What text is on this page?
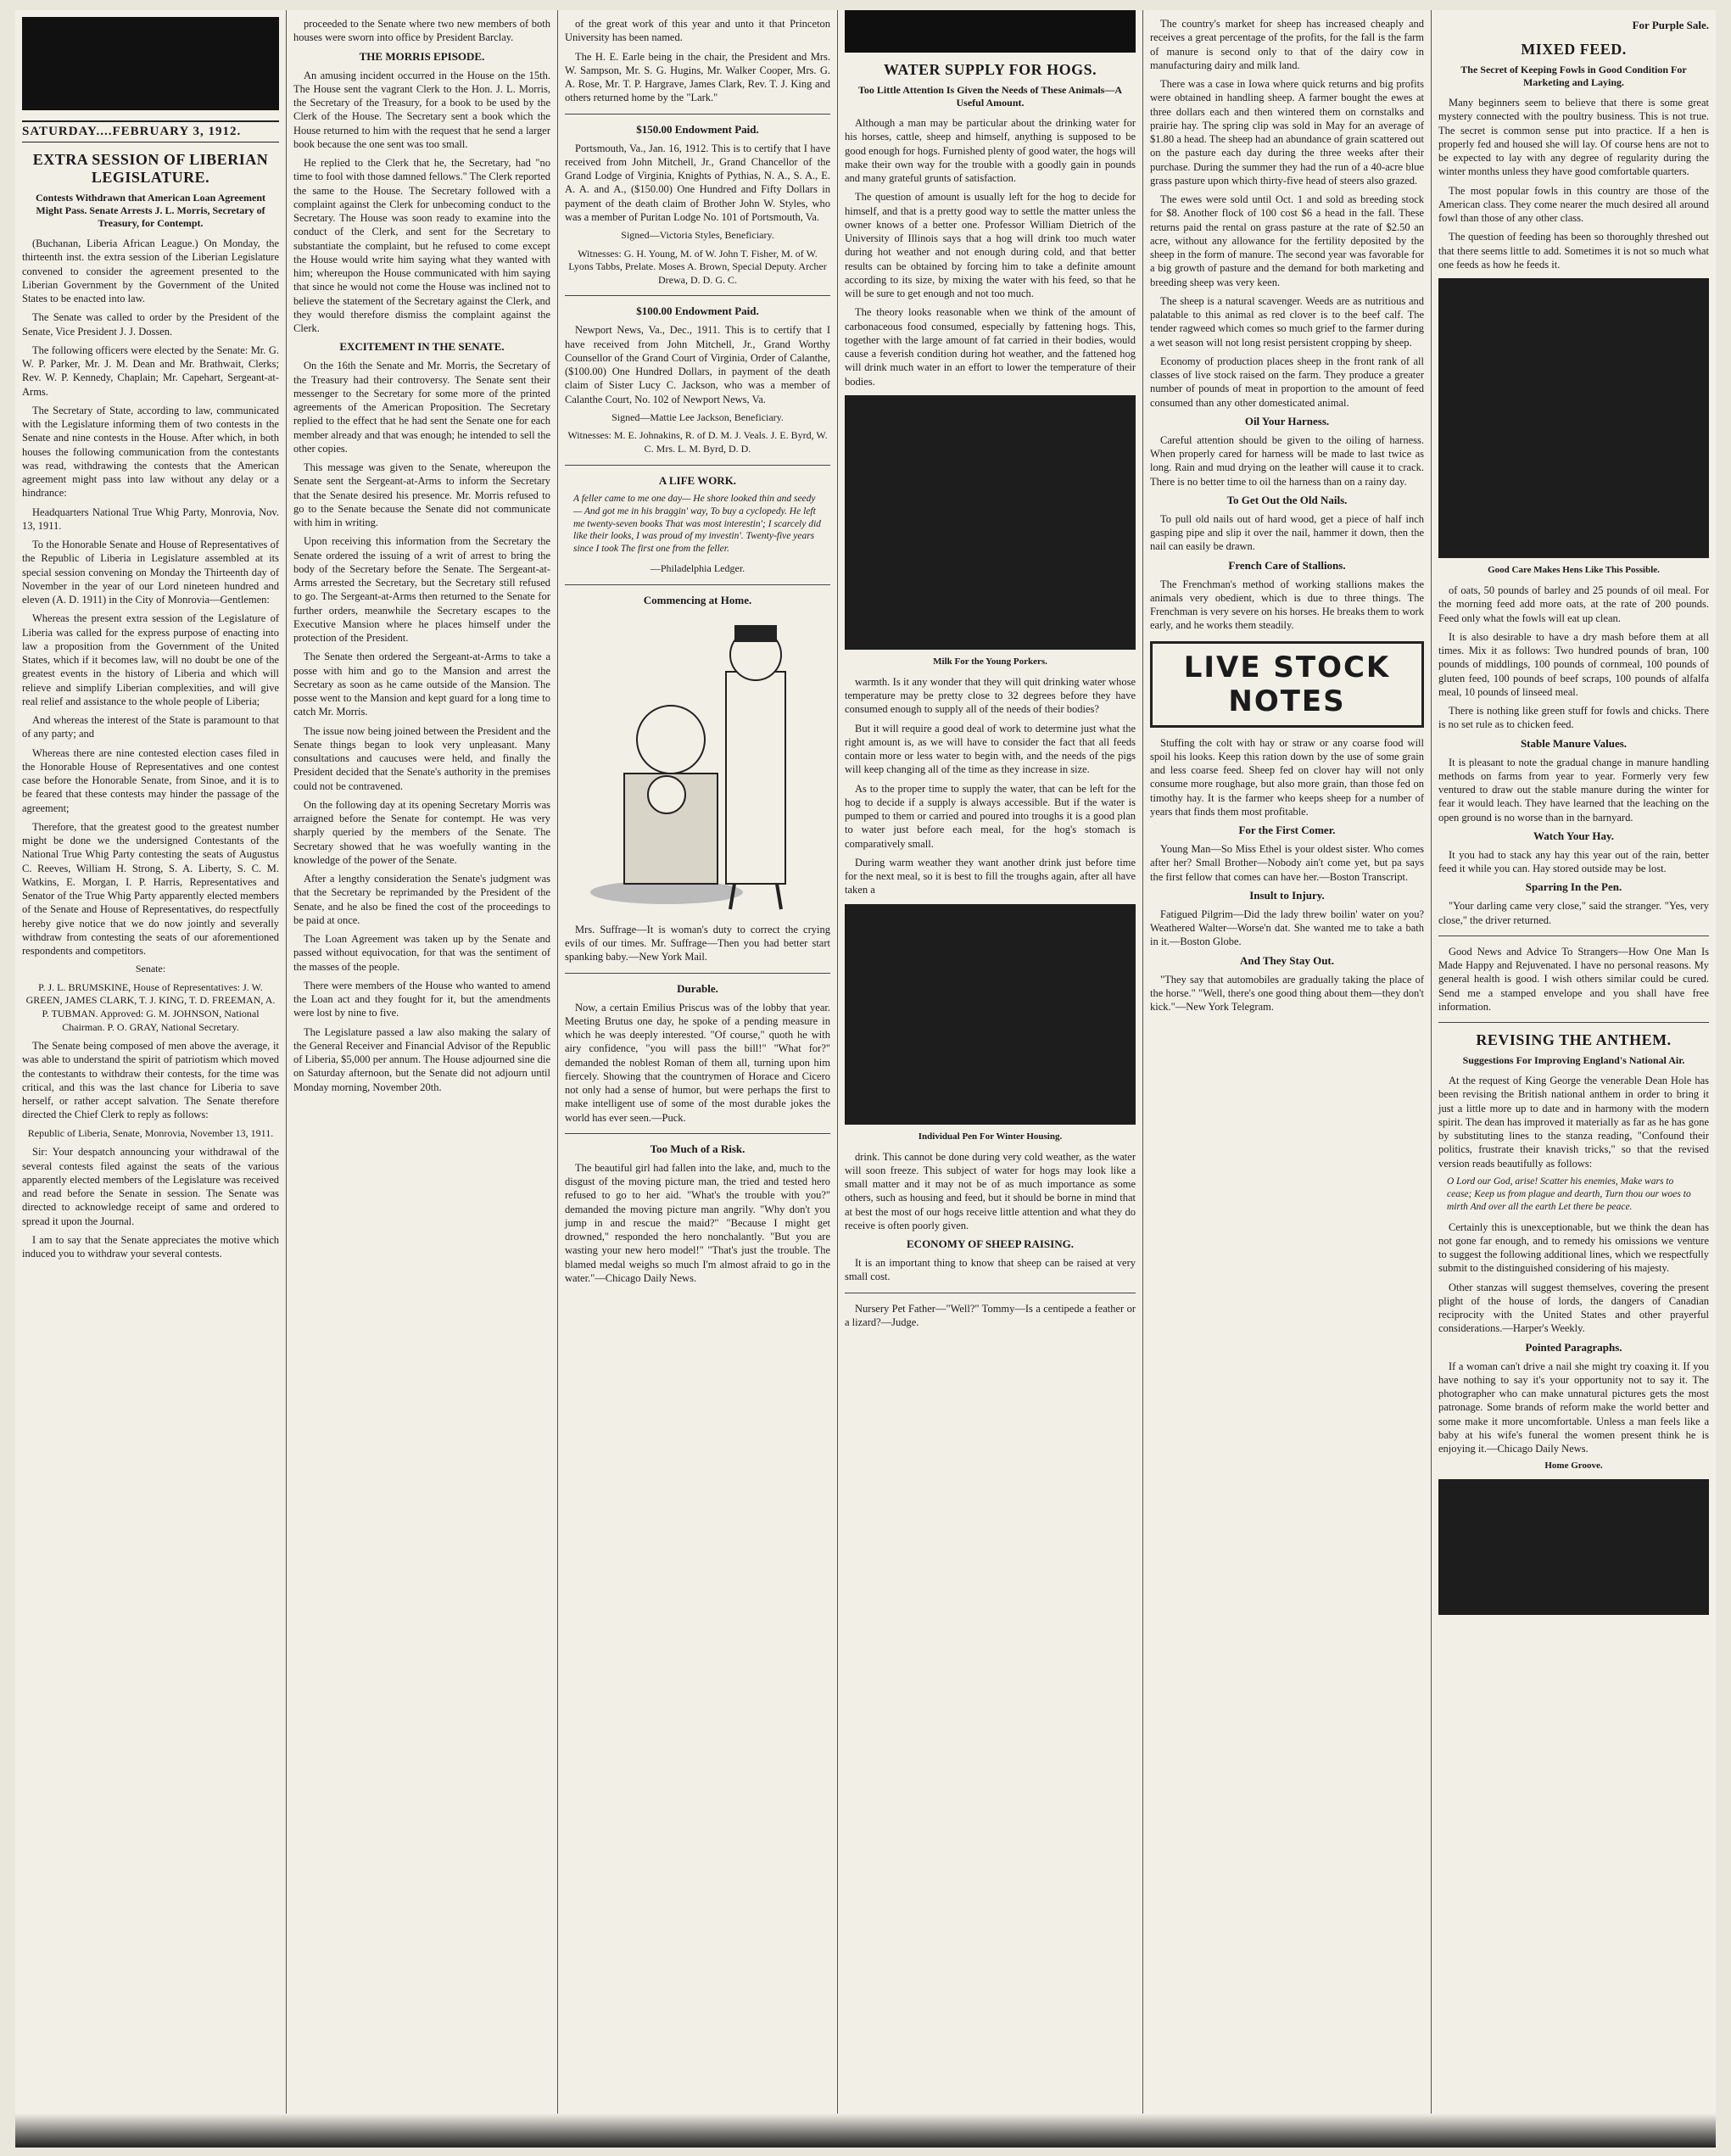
SATURDAY....FEBRUARY 3, 1912.
EXTRA SESSION OF LIBERIAN LEGISLATURE.
Contests Withdrawn that American Loan Agreement Might Pass. Senate Arrests J. L. Morris, Secretary of Treasury, for Contempt.

(Buchanan, Liberia African League.) On Monday, the thirteenth inst. the extra session of the Liberian Legislature convened to consider the agreement presented to the Liberian Government by the Government of the United States to be enacted into law.

The Senate was called to order by the President of the Senate, Vice President J. J. Dossen.

The following officers were elected by the Senate: Mr. G. W. P. Parker, Mr. J. M. Dean and Mr. Brathwait, Clerks; Rev. W. P. Kennedy, Chaplain; Mr. Capehart, Sergeant-at-Arms.

The Secretary of State, according to law, communicated with the Legislature informing them of two contests in the Senate and nine contests in the House. After which, in both houses the following communication from the contestants was read, withdrawing the contests that the American agreement might pass into law without any delay or a hindrance:

Headquarters National True Whig Party, Monrovia, Nov. 13, 1911.

To the Honorable Senate and House of Representatives of the Republic of Liberia in Legislature assembled at its special session convening on Monday the Thirteenth day of November in the year of our Lord nineteen hundred and eleven (A. D. 1911) in the City of Monrovia—Gentlemen:

Whereas the present extra session of the Legislature of Liberia was called for the express purpose of enacting into law a proposition from the Government of the United States, which if it becomes law, will no doubt be one of the greatest events in the history of Liberia and which will relieve and simplify Liberian complexities, and will give real relief and assistance to the whole people of Liberia;

And whereas the interest of the State is paramount to that of any party; and

Whereas there are nine contested election cases filed in the Honorable House of Representatives and one contest case before the Honorable Senate, from Sinoe, and it is to be feared that these contests may hinder the passage of the agreement;

Therefore, that the greatest good to the greatest number might be done we the undersigned Contestants of the National True Whig Party contesting the seats of Augustus C. Reeves, William H. Strong, S. A. Liberty, S. C. M. Watkins, E. Morgan, I. P. Harris, Representatives and Senator of the True Whig Party apparently elected members of the Senate and House of Representatives, do respectfully hereby give notice that we do now jointly and severally withdraw from contesting the seats of our aforementioned respondents and competitors.

Senate:
P. J. L. BRUMSKINE, House of Representatives: J. W. GREEN, JAMES CLARK, T. J. KING, T. D. FREEMAN, A. P. TUBMAN. Approved: G. M. JOHNSON, National Chairman. P. O. GRAY, National Secretary.

The Senate being composed of men above the average, it was able to understand the spirit of patriotism which moved the contestants to withdraw their contests, for the time was critical, and this was the last chance for Liberia to save herself, or rather accept salvation. The Senate therefore directed the Chief Clerk to reply as follows:

Republic of Liberia, Senate, Monrovia, November 13, 1911.

Sir: Your despatch announcing your withdrawal of the several contests filed against the seats of the various apparently elected members of the Legislature was received and read before the Senate in session. The Senate was directed to acknowledge receipt of same and ordered to spread it upon the Journal.

I am to say that the Senate appreciates the motive which induced you to withdraw your several contests.

proceeded to the Senate where two new members of both houses were sworn into office by President Barclay.

THE MORRIS EPISODE.

An amusing incident occurred in the House on the 15th. The House sent the vagrant Clerk to the Hon. J. L. Morris, the Secretary of the Treasury, for a book to be used by the Clerk of the House. The Secretary sent a book which the House returned to him with the request that he send a larger book because the one sent was too small.

He replied to the Clerk that he, the Secretary, had "no time to fool with those damned fellows." The Clerk reported the same to the House. The Secretary followed with a complaint against the Clerk for unbecoming conduct to the Secretary. The House was soon ready to examine into the conduct of the Clerk, and sent for the Secretary to substantiate the complaint, but he refused to come except the House would write him saying what they wanted with him; whereupon the House communicated with him saying that since he would not come the House was inclined not to believe the statement of the Secretary against the Clerk, and they would therefore dismiss the complaint against the Clerk.

EXCITEMENT IN THE SENATE.

On the 16th the Senate and Mr. Morris, the Secretary of the Treasury had their controversy. The Senate sent their messenger to the Secretary for some more of the printed agreements of the American Proposition. The Secretary replied to the effect that he had sent the Senate one for each member already and that was enough; he intended to sell the other copies.

This message was given to the Senate, whereupon the Senate sent the Sergeant-at-Arms to inform the Secretary that the Senate desired his presence. Mr. Morris refused to go to the Senate because the Senate did not communicate with him in writing.

Upon receiving this information from the Secretary the Senate ordered the issuing of a writ of arrest to bring the body of the Secretary before the Senate. The Sergeant-at-Arms arrested the Secretary, but the Secretary still refused to go. The Sergeant-at-Arms then returned to the Senate for further orders, meanwhile the Secretary escapes to the Executive Mansion where he places himself under the protection of the President.

The Senate then ordered the Sergeant-at-Arms to take a posse with him and go to the Mansion and arrest the Secretary as soon as he came outside of the Mansion. The posse went to the Mansion and kept guard for a long time to catch Mr. Morris.

The issue now being joined between the President and the Senate things began to look very unpleasant. Many consultations and caucuses were held, and finally the President decided that the Senate's authority in the premises could not be contravened.

On the following day at its opening Secretary Morris was arraigned before the Senate for contempt. He was very sharply queried by the members of the Senate. The Secretary showed that he was woefully wanting in the knowledge of the power of the Senate.

After a lengthy consideration the Senate's judgment was that the Secretary be reprimanded by the President of the Senate, and he also be fined the cost of the proceedings to be paid at once.

The Loan Agreement was taken up by the Senate and passed without equivocation, for that was the sentiment of the masses of the people.

There were members of the House who wanted to amend the Loan act and they fought for it, but the amendments were lost by nine to five.

The Legislature passed a law also making the salary of the General Receiver and Financial Advisor of the Republic of Liberia, $5,000 per annum. The House adjourned sine die on Saturday afternoon, but the Senate did not adjourn until Monday morning, November 20th.

of the great work of this year and unto it that Princeton University has been named.

The H. E. Earle being in the chair, the President and Mrs. W. Sampson, Mr. S. G. Hugins, Mr. Walker Cooper, Mrs. G. A. Rose, Mr. T. P. Hargrave, James Clark, Rev. T. J. King and others returned home by the "Lark."

$150.00 Endowment Paid.

Portsmouth, Va., Jan. 16, 1912. This is to certify that I have received from John Mitchell, Jr., Grand Chancellor of the Grand Lodge of Virginia, Knights of Pythias, N. A., S. A., E. A. A. and A., ($150.00) One Hundred and Fifty Dollars in payment of the death claim of Brother John W. Styles, who was a member of Puritan Lodge No. 101 of Portsmouth, Va.

Signed—Victoria Styles, Beneficiary.
Witnesses: G. H. Young, M. of W. John T. Fisher, M. of W. Lyons Tabbs, Prelate. Moses A. Brown, Special Deputy. Archer Drewa, D. D. G. C.
$100.00 Endowment Paid.

Newport News, Va., Dec., 1911. This is to certify that I have received from John Mitchell, Jr., Grand Worthy Counsellor of the Grand Court of Virginia, Order of Calanthe, ($100.00) One Hundred Dollars, in payment of the death claim of Sister Lucy C. Jackson, who was a member of Calanthe Court, No. 102 of Newport News, Va.

Signed—Mattie Lee Jackson, Beneficiary.
Witnesses: M. E. Johnakins, R. of D. M. J. Veals. J. E. Byrd, W. C. Mrs. L. M. Byrd, D. D.
A LIFE WORK.
A feller came to me one day— He shore looked thin and seedy— And got me in his braggin' way, To buy a cyclopedy. He left me twenty-seven books That was most interestin'; I scarcely did like their looks, I was proud of my investin'. Twenty-five years since I took The first one from the feller.
—Philadelphia Ledger.
Commencing at Home.

Mrs. Suffrage—It is woman's duty to correct the crying evils of our times. Mr. Suffrage—Then you had better start spanking baby.—New York Mail.

Durable.

Now, a certain Emilius Priscus was of the lobby that year. Meeting Brutus one day, he spoke of a pending measure in which he was deeply interested. "Of course," quoth he with airy confidence, "you will pass the bill!" "What for?" demanded the noblest Roman of them all, turning upon him fiercely. Showing that the countrymen of Horace and Cicero not only had a sense of humor, but were perhaps the first to make intelligent use of some of the most durable jokes the world has ever seen.—Puck.

Too Much of a Risk.

The beautiful girl had fallen into the lake, and, much to the disgust of the moving picture man, the tried and tested hero refused to go to her aid. "What's the trouble with you?" demanded the moving picture man angrily. "Why don't you jump in and rescue the maid?" "Because I might get drowned," responded the hero nonchalantly. "But you are wasting your new hero model!" "That's just the trouble. The blamed medal weighs so much I'm almost afraid to go in the water."—Chicago Daily News.

WATER SUPPLY FOR HOGS.
Too Little Attention Is Given the Needs of These Animals—A Useful Amount.

Although a man may be particular about the drinking water for his horses, cattle, sheep and himself, anything is supposed to be good enough for hogs. Furnished plenty of good water, the hogs will make their own way for the trouble with a goodly gain in pounds and many grateful grunts of satisfaction.

The question of amount is usually left for the hog to decide for himself, and that is a pretty good way to settle the matter unless the owner knows of a better one. Professor William Dietrich of the University of Illinois says that a hog will drink too much water during hot weather and not enough during cold, and that better results can be obtained by forcing him to take a definite amount according to its size, by mixing the water with his feed, so that he will be sure to get enough and not too much.

The theory looks reasonable when we think of the amount of carbonaceous food consumed, especially by fattening hogs. This, together with the large amount of fat carried in their bodies, would cause a feverish condition during hot weather, and the fattened hog will drink much water in an effort to lower the temperature of their bodies.

Milk For the Young Porkers.

warmth. Is it any wonder that they will quit drinking water whose temperature may be pretty close to 32 degrees before they have consumed enough to supply all of the needs of their bodies?

But it will require a good deal of work to determine just what the right amount is, as we will have to consider the fact that all feeds contain more or less water to begin with, and the needs of the pigs will keep changing all of the time as they increase in size.

As to the proper time to supply the water, that can be left for the hog to decide if a supply is always accessible. But if the water is pumped to them or carried and poured into troughs it is a good plan to water just before each meal, for the hog's stomach is comparatively small.

During warm weather they want another drink just before time for the next meal, so it is best to fill the troughs again, after all have taken a

Individual Pen For Winter Housing.

drink. This cannot be done during very cold weather, as the water will soon freeze. This subject of water for hogs may look like a small matter and it may not be of as much importance as some others, such as housing and feed, but it should be borne in mind that at best the most of our hogs receive little attention and what they do receive is often poorly given.

ECONOMY OF SHEEP RAISING.

It is an important thing to know that sheep can be raised at very small cost.

Nursery Pet Father—"Well?" Tommy—Is a centipede a feather or a lizard?—Judge.

The country's market for sheep has increased cheaply and receives a great percentage of the profits, for the fall is the farm of manure is second only to that of the dairy cow in manufacturing dairy and milk land.

There was a case in Iowa where quick returns and big profits were obtained in handling sheep. A farmer bought the ewes at three dollars each and then wintered them on cornstalks and prairie hay. The spring clip was sold in May for an average of $1.80 a head. The sheep had an abundance of grain scattered out on the pasture each day during the three weeks after their purchase. During the summer they had the run of a 40-acre blue grass pasture upon which thirty-five head of steers also grazed.

The ewes were sold until Oct. 1 and sold as breeding stock for $8. Another flock of 100 cost $6 a head in the fall. These returns paid the rental on grass pasture at the rate of $2.50 an acre, without any allowance for the fertility deposited by the sheep in the form of manure. The second year was favorable for a big growth of pasture and the demand for both marketing and breeding sheep was very keen.

The sheep is a natural scavenger. Weeds are as nutritious and palatable to this animal as red clover is to the beef calf. The tender ragweed which comes so much grief to the farmer during a wet season will not long resist persistent cropping by sheep.

Economy of production places sheep in the front rank of all classes of live stock raised on the farm. They produce a greater number of pounds of meat in proportion to the amount of feed consumed than any other domesticated animal.

Oil Your Harness.

Careful attention should be given to the oiling of harness. When properly cared for harness will be made to last twice as long. Rain and mud drying on the leather will cause it to crack. There is no better time to oil the harness than on a rainy day.

To Get Out the Old Nails.

To pull old nails out of hard wood, get a piece of half inch gasping pipe and slip it over the nail, hammer it down, then the nail can easily be drawn.

French Care of Stallions.

The Frenchman's method of working stallions makes the animals very obedient, which is due to three things. The Frenchman is very severe on his horses. He breaks them to work early, and he works them steadily.

LIVE STOCK NOTES

Stuffing the colt with hay or straw or any coarse food will spoil his looks. Keep this ration down by the use of some grain and less coarse feed. Sheep fed on clover hay will not only consume more roughage, but also more grain, than those fed on timothy hay. It is the farmer who keeps sheep for a number of years that finds them most profitable.

For the First Comer.

Young Man—So Miss Ethel is your oldest sister. Who comes after her? Small Brother—Nobody ain't come yet, but pa says the first fellow that comes can have her.—Boston Transcript.

Insult to Injury.

Fatigued Pilgrim—Did the lady threw boilin' water on you? Weathered Walter—Worse'n dat. She wanted me to take a bath in it.—Boston Globe.

And They Stay Out.

"They say that automobiles are gradually taking the place of the horse." "Well, there's one good thing about them—they don't kick."—New York Telegram.

For Purple Sale.
MIXED FEED.
The Secret of Keeping Fowls in Good Condition For Marketing and Laying.

Many beginners seem to believe that there is some great mystery connected with the poultry business. This is not true. The secret is common sense put into practice. If a hen is properly fed and housed she will lay. Of course hens are not to be expected to lay with any degree of regularity during the winter months unless they have good comfortable quarters.

The most popular fowls in this country are those of the American class. They come nearer the much desired all around fowl than those of any other class.

The question of feeding has been so thoroughly threshed out that there seems little to add. Sometimes it is not so much what one feeds as how he feeds it.

Good Care Makes Hens Like This Possible.

of oats, 50 pounds of barley and 25 pounds of oil meal. For the morning feed add more oats, at the rate of 200 pounds. Feed only what the fowls will eat up clean.

It is also desirable to have a dry mash before them at all times. Mix it as follows: Two hundred pounds of bran, 100 pounds of middlings, 100 pounds of cornmeal, 100 pounds of gluten feed, 100 pounds of beef scraps, 100 pounds of alfalfa meal, 10 pounds of linseed meal.

There is nothing like green stuff for fowls and chicks. There is no set rule as to chicken feed.

Stable Manure Values.

It is pleasant to note the gradual change in manure handling methods on farms from year to year. Formerly very few ventured to draw out the stable manure during the winter for fear it would leach. They have learned that the leaching on the open ground is no worse than in the barnyard.

Watch Your Hay.

It you had to stack any hay this year out of the rain, better feed it while you can. Hay stored outside may be lost.

Sparring In the Pen.

"Your darling came very close," said the stranger. "Yes, very close," the driver returned.

Good News and Advice To Strangers—How One Man Is Made Happy and Rejuvenated. I have no personal reasons. My general health is good. I wish others similar could be cured. Send me a stamped envelope and you shall have free information.

REVISING THE ANTHEM.
Suggestions For Improving England's National Air.

At the request of King George the venerable Dean Hole has been revising the British national anthem in order to bring it just a little more up to date and in harmony with the modern spirit. The dean has improved it materially as far as he has gone by substituting lines to the stanza reading, "Confound their politics, frustrate their knavish tricks," so that the revised version reads beautifully as follows:

O Lord our God, arise! Scatter his enemies, Make wars to cease; Keep us from plague and dearth, Turn thou our woes to mirth And over all the earth Let there be peace.

Certainly this is unexceptionable, but we think the dean has not gone far enough, and to remedy his omissions we venture to suggest the following additional lines, which we respectfully submit to the distinguished considering of his majesty.

Other stanzas will suggest themselves, covering the present plight of the house of lords, the dangers of Canadian reciprocity with the United States and other prayerful considerations.—Harper's Weekly.

Pointed Paragraphs.

If a woman can't drive a nail she might try coaxing it. If you have nothing to say it's your opportunity not to say it. The photographer who can make unnatural pictures gets the most patronage. Some brands of reform make the world better and some make it more uncomfortable. Unless a man feels like a baby at his wife's funeral the women present think he is enjoying it.—Chicago Daily News.

Home Groove.
